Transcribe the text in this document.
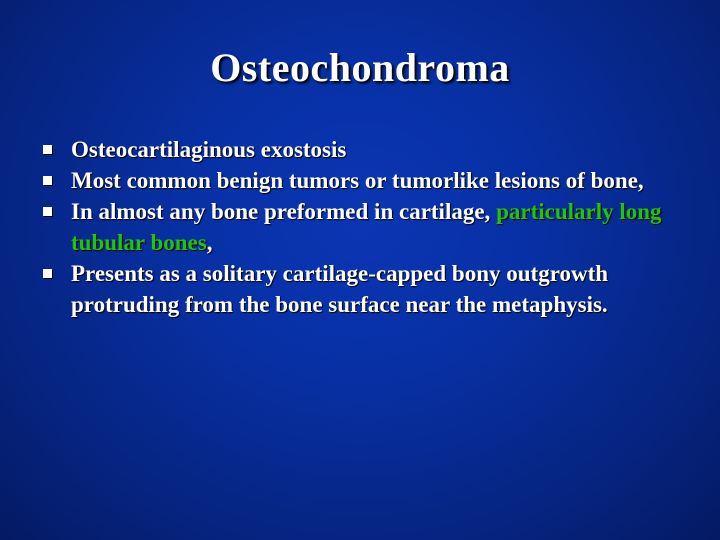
Osteochondroma
Osteocartilaginous exostosis
Most common benign tumors or tumorlike lesions of bone,
In almost any bone preformed in cartilage, particularly long tubular bones,
Presents as a solitary cartilage-capped bony outgrowth protruding from the bone surface near the metaphysis.
